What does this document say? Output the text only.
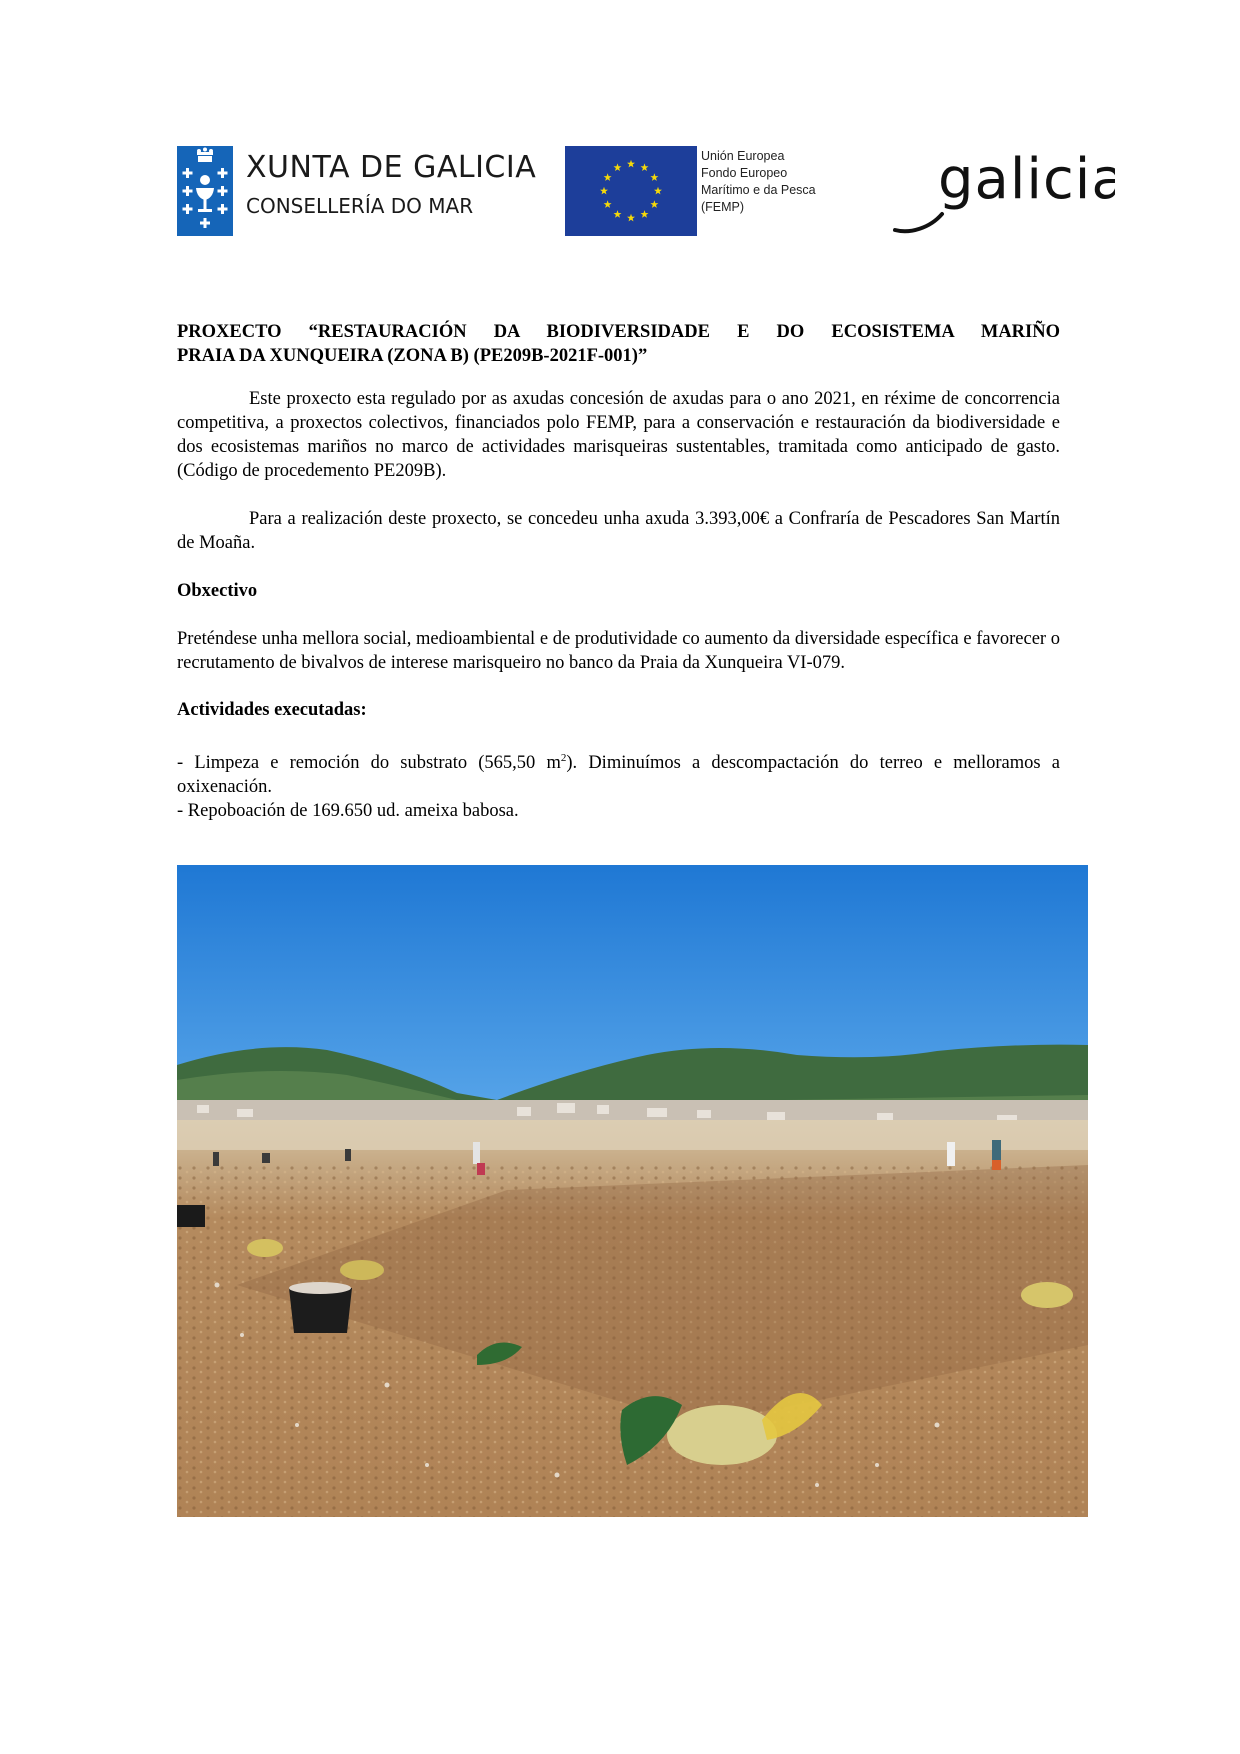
XUNTA DE GALICIA
CONSELLERÍA DO MAR
Unión Europea
Fondo Europeo
Marítimo e da Pesca
(FEMP)	galicia
PROXECTO “RESTAURACIÓN DA BIODIVERSIDADE E DO ECOSISTEMA MARIÑO
PRAIA DA XUNQUEIRA (ZONA B) (PE209B-2021F-001)”

Este proxecto esta regulado por as axudas concesión de axudas para o ano 2021, en réxime de concorrencia competitiva, a proxectos colectivos, financiados polo FEMP, para a conservación e restauración da biodiversidade e dos ecosistemas mariños no marco de actividades marisqueiras sustentables, tramitada como anticipado de gasto.(Código de procedemento PE209B).

Para a realización deste proxecto, se concedeu unha axuda 3.393,00€ a Confraría de Pescadores San Martín de Moaña.

Obxectivo

Preténdese unha mellora social, medioambiental e de produtividade co aumento da diversidade específica e favorecer o recrutamento de bivalvos de interese marisqueiro no banco da Praia da Xunqueira VI-079.

Actividades executadas:

- Limpeza e remoción do substrato (565,50 $m^2$). Diminuímos a descompactación do terreo e melloramos a oxixenación.
- Repoboación de 169.650 ud. ameixa babosa.
